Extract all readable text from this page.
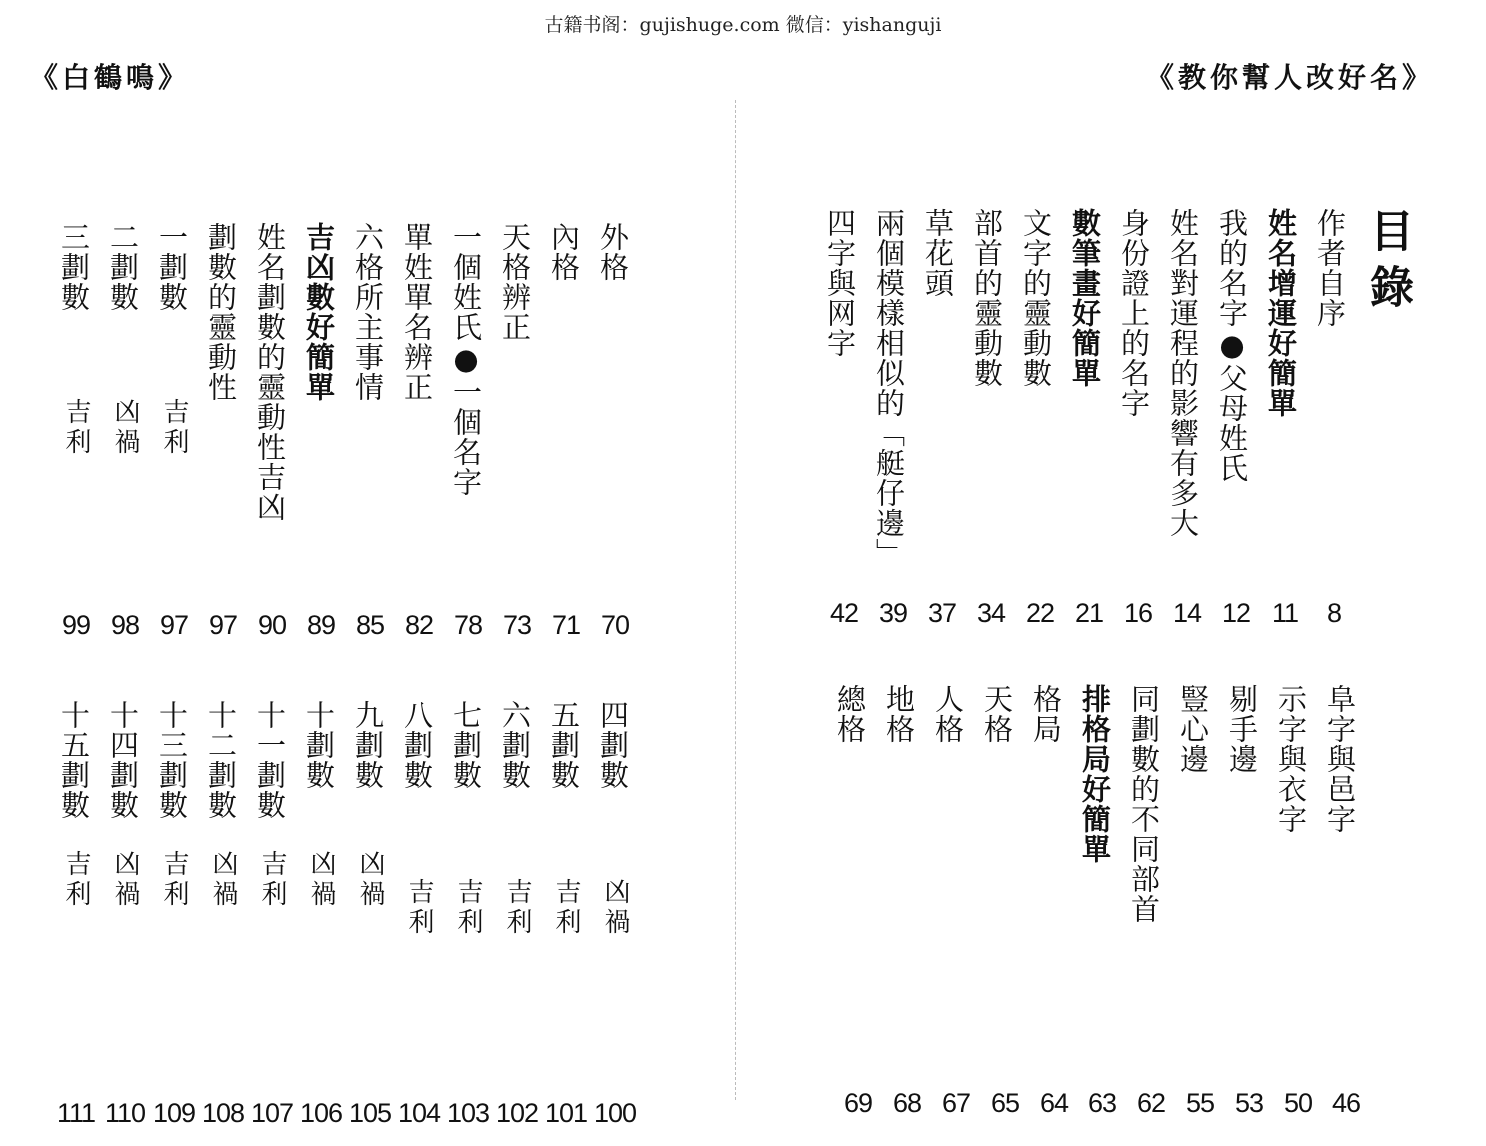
古籍书阁：gujishuge.com 微信：yishanguji
《白鶴鳴》	《教你幫人改好名》
目錄
作者自序
姓名增運好簡單
我的名字●父母姓氏
姓名對運程的影響有多大
身份證上的名字
數筆畫好簡單
文字的靈動數
部首的靈動數
草花頭
兩個模樣相似的「艇仔邊」
四字與网字
8
11
12
14
16
21
22
34
37
39
42
阜字與邑字
示字與衣字
剔手邊
豎心邊
同劃數的不同部首
排格局好簡單
格局
天格
人格
地格
總格
46
50
53
55
62
63
64
65
67
68
69
外格
內格
天格辨正
一個姓氏●一個名字
單姓單名辨正
六格所主事情
吉凶數好簡單
姓名劃數的靈動性吉凶
劃數的靈動性
一劃數
二劃數
三劃數
吉利
凶禍
吉利
70
71
73
78
82
85
89
90
97
97
98
99
四劃數
五劃數
六劃數
七劃數
八劃數
九劃數
十劃數
十一劃數
十二劃數
十三劃數
十四劃數
十五劃數
凶禍
吉利
吉利
吉利
吉利
凶禍
凶禍
吉利
凶禍
吉利
凶禍
吉利
100
101
102
103
104
105
106
107
108
109
110
111
